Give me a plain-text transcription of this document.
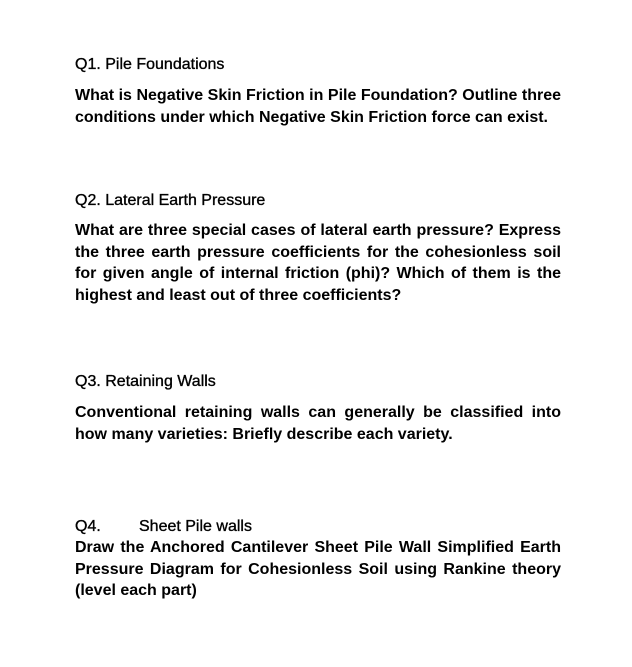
Q1. Pile Foundations

What is Negative Skin Friction in Pile Foundation? Outline three conditions under which Negative Skin Friction force can exist.

Q2. Lateral Earth Pressure

What are three special cases of lateral earth pressure? Express the three earth pressure coefficients for the cohesionless soil for given angle of internal friction (phi)? Which of them is the highest and least out of three coefficients?

Q3. Retaining Walls

Conventional retaining walls can generally be classified into how many varieties: Briefly describe each variety.

Q4.	Sheet Pile walls

Draw the Anchored Cantilever Sheet Pile Wall Simplified Earth Pressure Diagram for Cohesionless Soil using Rankine theory (level each part)
